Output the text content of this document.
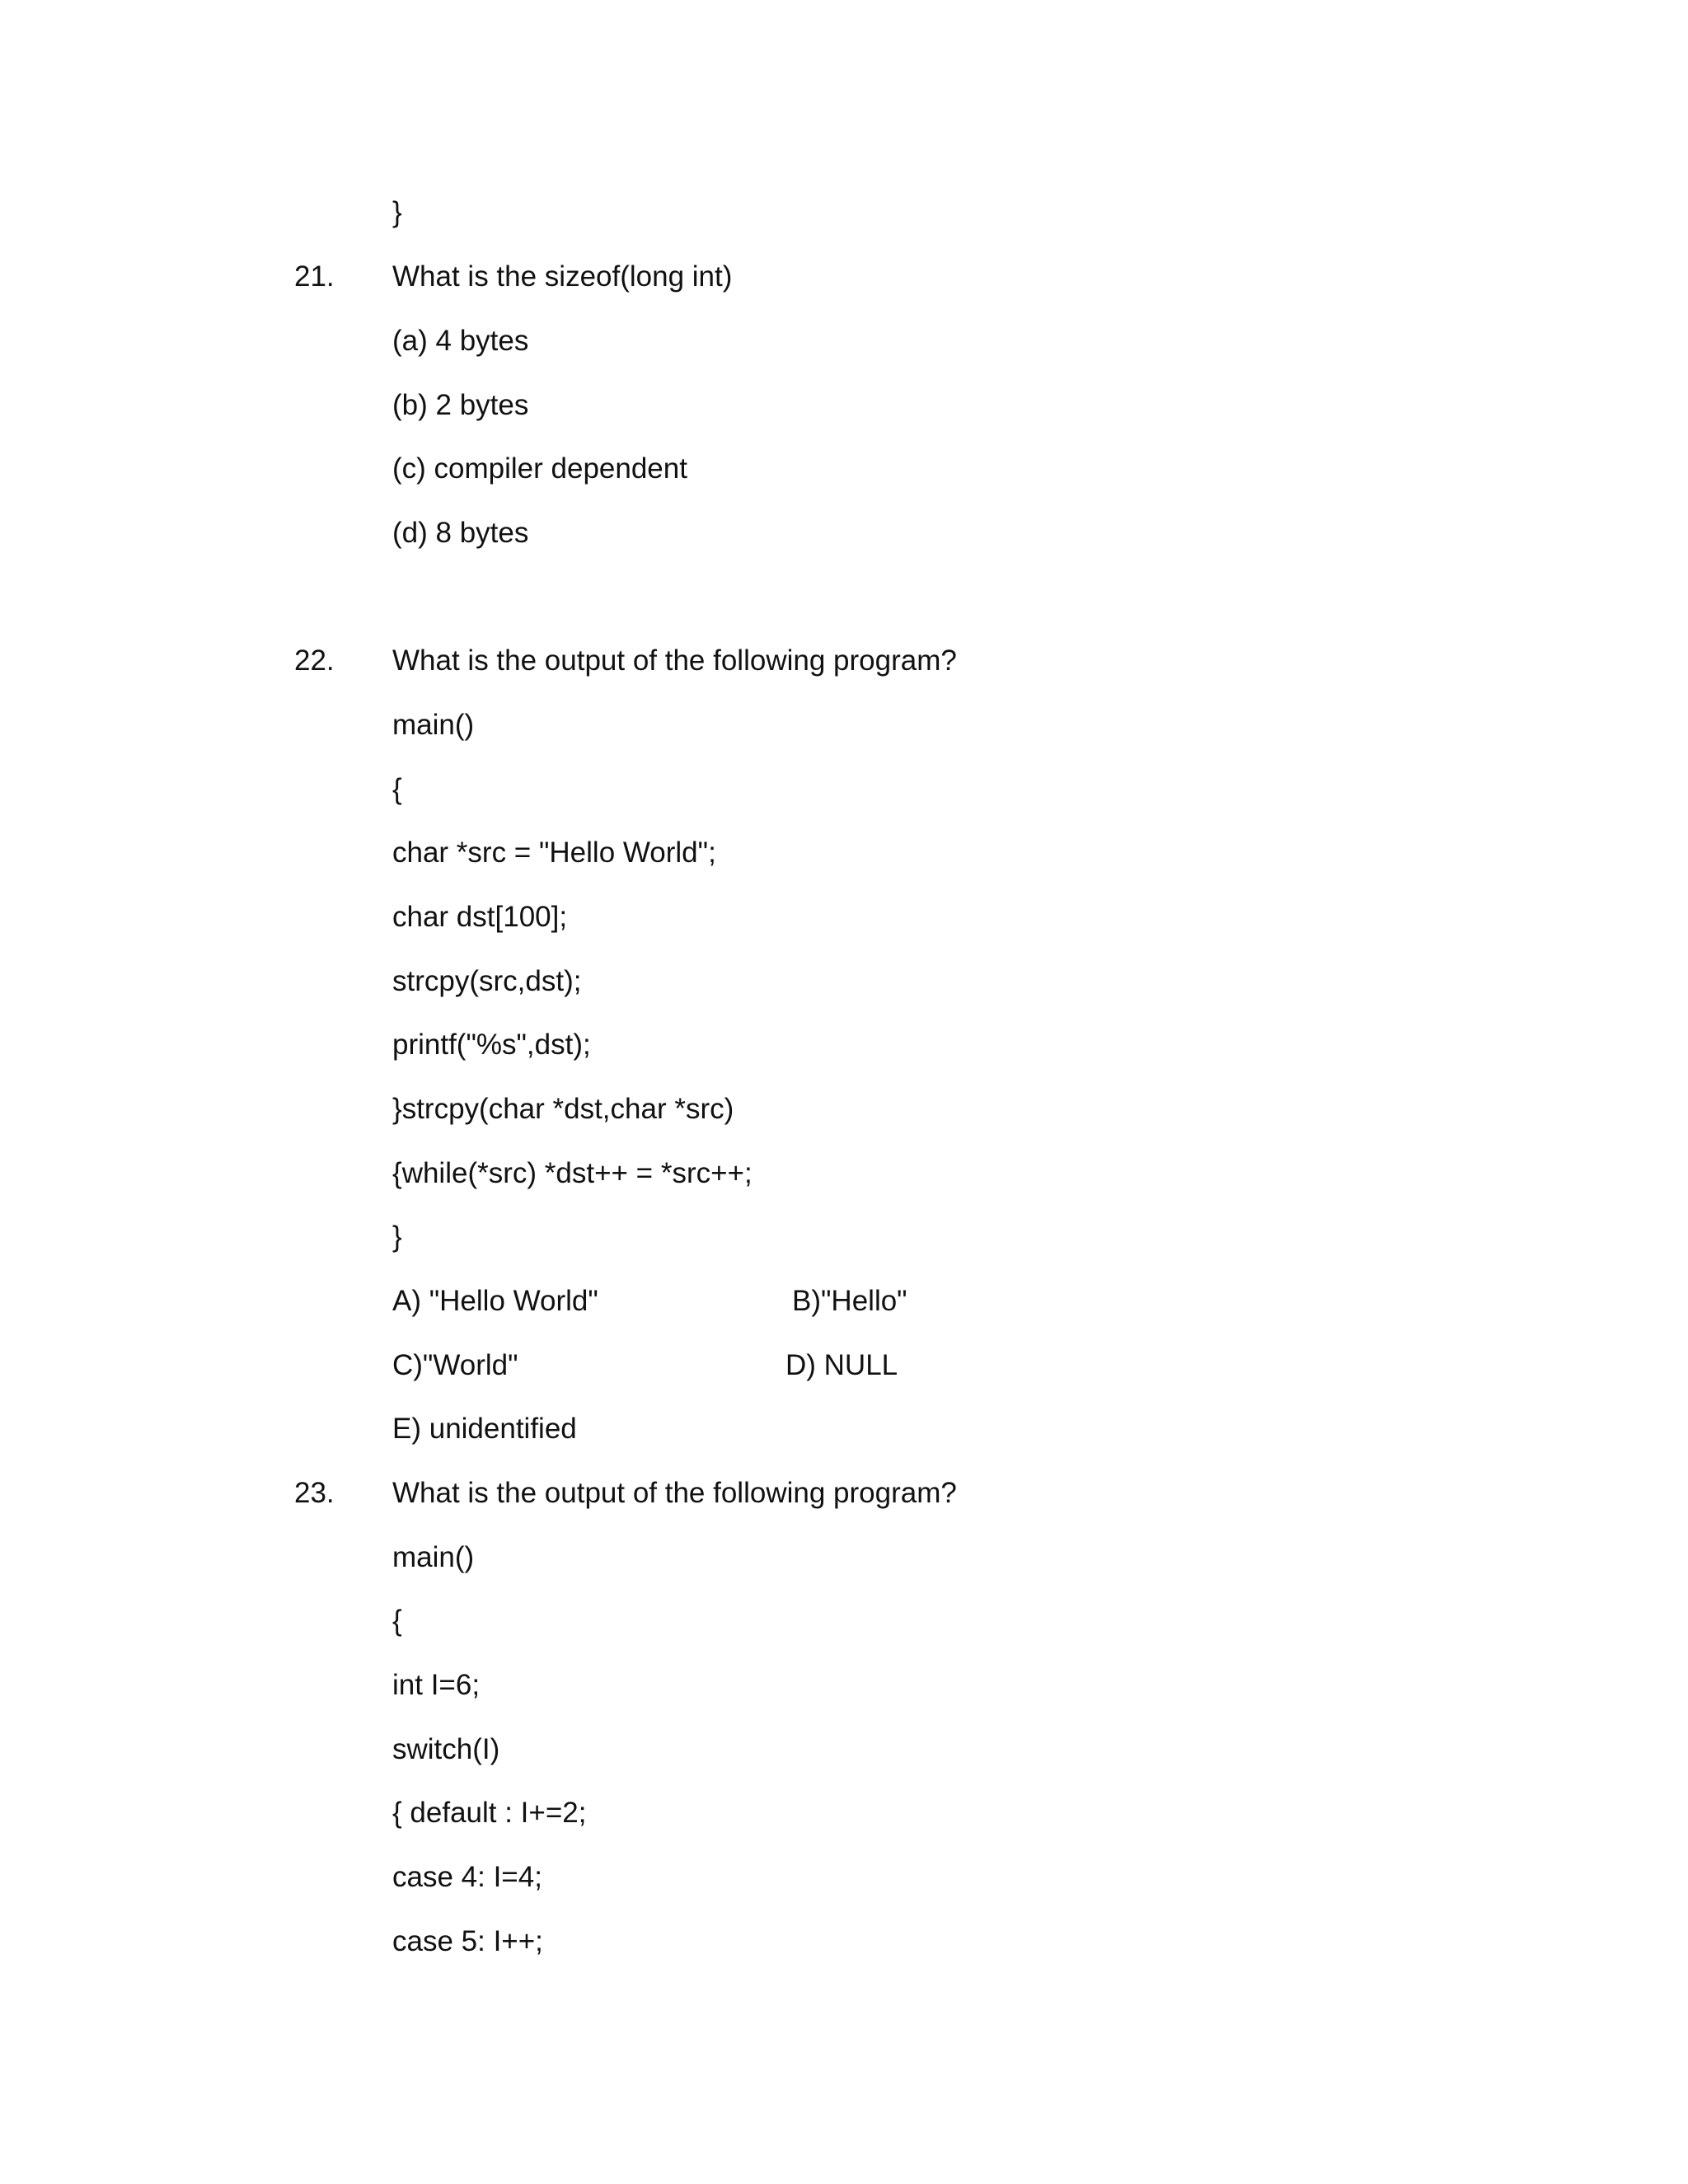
}
21. What is the sizeof(long int)
(a) 4 bytes
(b) 2 bytes
(c) compiler dependent
(d) 8 bytes
22. What is the output of the following program?
main()
{
char *src = "Hello World";
char dst[100];
strcpy(src,dst);
printf("%s",dst);
}strcpy(char *dst,char *src)
{while(*src) *dst++ = *src++;
}
A) "Hello World"	B)"Hello"
C)"World"	D) NULL
E) unidentified
23. What is the output of the following program?
main()
{
int I=6;
switch(I)
{ default : I+=2;
case 4: I=4;
case 5: I++;
